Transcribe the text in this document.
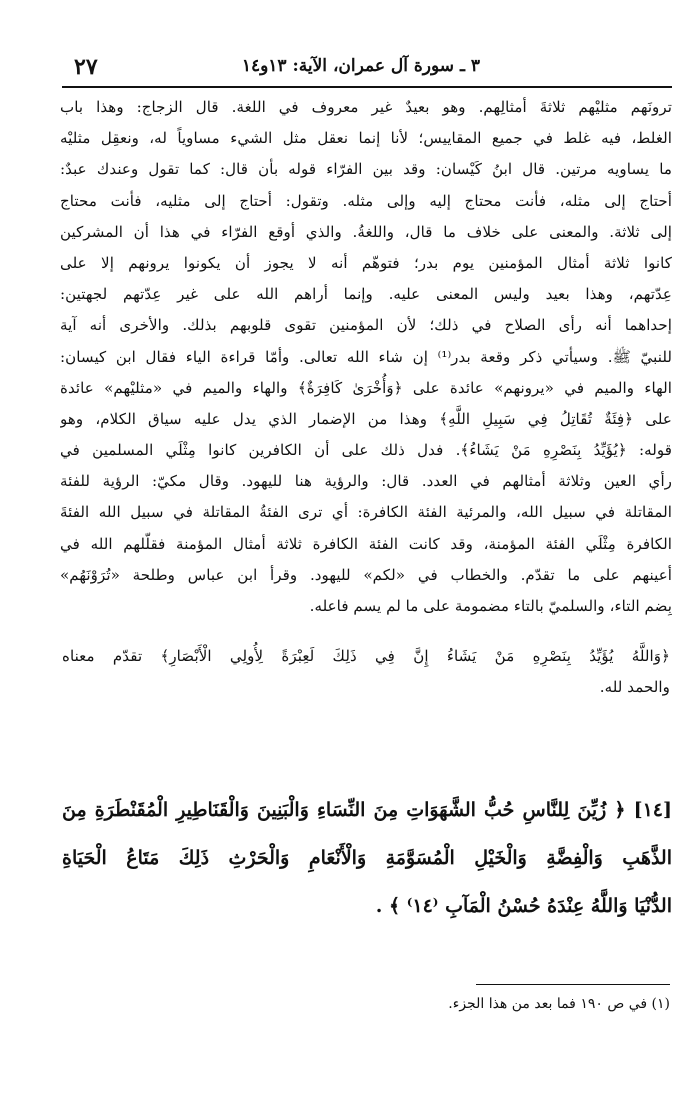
٣ ـ سورة آل عمران، الآية: ١٣و١٤
٢٧
ترونَهم مثليْهم ثلاثةَ أمثالِهم. وهو بعيدٌ غير معروف في اللغة. قال الزجاج: وهذا باب
الغلط، فيه غلط في جميع المقاييس؛ لأنا إنما نعقل مثل الشيء مساوياً له، ونعقِل مثليْه
ما يساويه مرتين. قال ابنُ كَيْسان: وقد بين الفرّاء قوله بأن قال: كما تقول وعندك عبدٌ:
أحتاج إلى مثله، فأنت محتاج إليه وإلى مثله. وتقول: أحتاج إلى مثليه، فأنت محتاج
إلى ثلاثة. والمعنى على خلاف ما قال، واللغةُ. والذي أوقع الفرّاء في هذا أن المشركين
كانوا ثلاثة أمثال المؤمنين يوم بدر؛ فتوهّم أنه لا يجوز أن يكونوا يرونهم إلا على
عِدّتهم، وهذا بعيد وليس المعنى عليه. وإنما أراهم الله على غير عِدّتهم لجهتين:
إحداهما أنه رأى الصلاح في ذلك؛ لأن المؤمنين تقوى قلوبهم بذلك. والأخرى أنه آية
للنبيّ ﷺ. وسيأتي ذكر وقعة بدر⁽¹⁾ إن شاء الله تعالى. وأمّا قراءة الياء فقال ابن كيسان:
الهاء والميم في «يرونهم» عائدة على ﴿وَأُخْرَىٰ كَافِرَةٌ﴾ والهاء والميم في «مثليْهم» عائدة
على ﴿فِئَةٌ تُقَاتِلُ فِي سَبِيلِ اللَّهِ﴾ وهذا من الإضمار الذي يدل عليه سياق الكلام، وهو
قوله: ﴿يُؤَيِّدُ بِنَصْرِهِ مَنْ يَشَاءُ﴾. فدل ذلك على أن الكافرين كانوا مِثْلَي المسلمين في
رأي العين وثلاثة أمثالهم في العدد. قال: والرؤية هنا لليهود. وقال مكيّ: الرؤية للفئة
المقاتلة في سبيل الله، والمرئية الفئة الكافرة: أي ترى الفئةُ المقاتلة في سبيل الله الفئةَ
الكافرة مِثْلَي الفئة المؤمنة، وقد كانت الفئة الكافرة ثلاثة أمثال المؤمنة فقلّلهم الله في
أعينهم على ما تقدّم. والخطاب في «لكم» لليهود. وقرأ ابن عباس وطلحة «تُرَوْنَهُم»
بِضم التاء، والسلميّ بالتاء مضمومة على ما لم يسم فاعله.
﴿وَاللَّهُ يُؤَيِّدُ بِنَصْرِهِ مَنْ يَشَاءُ إِنَّ فِي ذَلِكَ لَعِبْرَةً لِأُولِي الْأَبْصَارِ﴾ تقدّم معناه
والحمد لله.
[١٤] ﴿ زُيِّنَ لِلنَّاسِ حُبُّ الشَّهَوَاتِ مِنَ النِّسَاءِ وَالْبَنِينَ وَالْقَنَاطِيرِ الْمُقَنْطَرَةِ مِنَ
الذَّهَبِ وَالْفِضَّةِ وَالْخَيْلِ الْمُسَوَّمَةِ وَالْأَنْعَامِ وَالْحَرْثِ ذَلِكَ مَتَاعُ الْحَيَاةِ
الدُّنْيَا وَاللَّهُ عِنْدَهُ حُسْنُ الْمَآبِ ⁽١٤⁾ ﴾ .
(١) في ص ١٩٠ فما بعد من هذا الجزء.
